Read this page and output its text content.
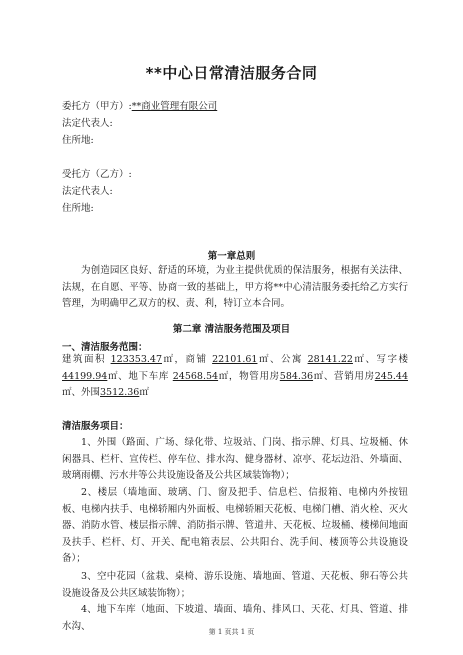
**中心日常清洁服务合同
委托方（甲方）:**商业管理有限公司
法定代表人:
住所地:
受托方（乙方）:
法定代表人:
住所地:
第一章总则
为创造园区良好、舒适的环境，为业主提供优质的保洁服务，根据有关法律、法规，在自愿、平等、协商一致的基础上，甲方将**中心清洁服务委托给乙方实行管理，为明确甲乙双方的权、责、利，特订立本合同。
第二章 清洁服务范围及项目
一、清洁服务范围：
建筑面积 123353.47㎡，商铺 22101.61㎡、公寓 28141.22㎡、写字楼44199.94㎡、地下车库 24568.54㎡，物管用房584.36㎡、营销用房245.44㎡、外围3512.36㎡
清洁服务项目：
1、外围（路面、广场、绿化带、垃圾站、门岗、指示牌、灯具、垃圾桶、休闲器具、栏杆、宣传栏、停车位、排水沟、健身器材、凉亭、花坛边沿、外墙面、玻璃雨棚、污水井等公共设施设备及公共区域装饰物）；
2、楼层（墙地面、玻璃、门、窗及把手、信息栏、信报箱、电梯内外按钮板、电梯内扶手、电梯轿厢内外面板、电梯轿厢天花板、电梯门槽、消火栓、灭火器、消防水管、楼层指示牌、消防指示牌、管道井、天花板、垃圾桶、楼梯间地面及扶手、栏杆、灯、开关、配电箱表层、公共阳台、洗手间、楼顶等公共设施设备）；
3、空中花园（盆栽、桌椅、游乐设施、墙地面、管道、天花板、卵石等公共设施设备及公共区域装饰物）；
4、地下车库（地面、下坡道、墙面、墙角、排风口、天花、灯具、管道、排水沟、
第 1 页共 1 页
